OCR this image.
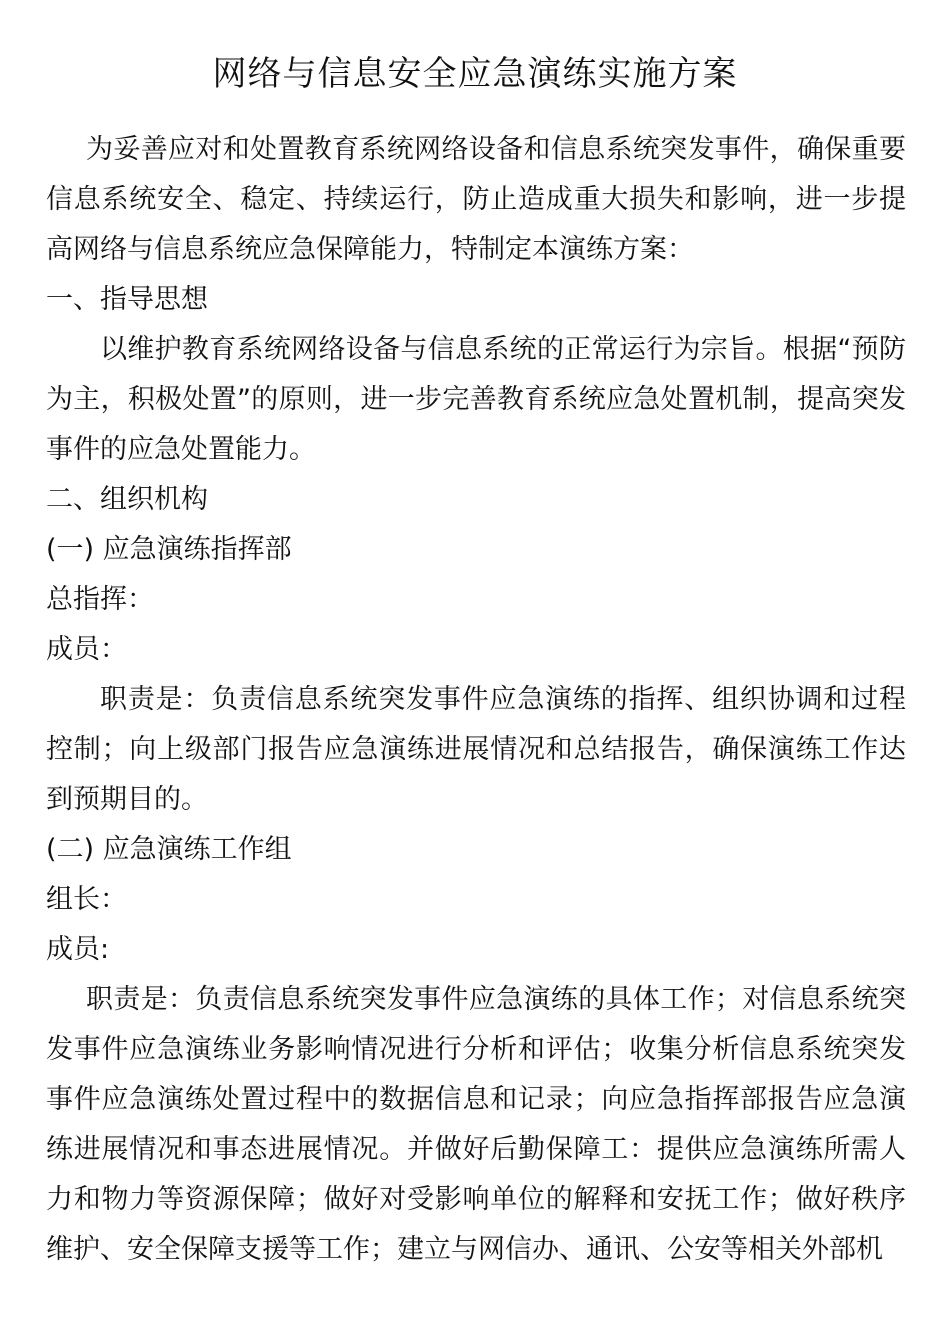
网络与信息安全应急演练实施方案

为妥善应对和处置教育系统网络设备和信息系统突发事件，确保重要信息系统安全、稳定、持续运行，防止造成重大损失和影响，进一步提高网络与信息系统应急保障能力，特制定本演练方案：

一、指导思想

以维护教育系统网络设备与信息系统的正常运行为宗旨。根据“预防为主，积极处置”的原则，进一步完善教育系统应急处置机制，提高突发事件的应急处置能力。

二、组织机构

(一) 应急演练指挥部

总指挥：

成员：

职责是：负责信息系统突发事件应急演练的指挥、组织协调和过程控制；向上级部门报告应急演练进展情况和总结报告，确保演练工作达到预期目的。

(二) 应急演练工作组

组长：

成员:

职责是：负责信息系统突发事件应急演练的具体工作；对信息系统突发事件应急演练业务影响情况进行分析和评估；收集分析信息系统突发事件应急演练处置过程中的数据信息和记录；向应急指挥部报告应急演练进展情况和事态进展情况。并做好后勤保障工：提供应急演练所需人力和物力等资源保障；做好对受影响单位的解释和安抚工作；做好秩序维护、安全保障支援等工作；建立与网信办、通讯、公安等相关外部机
